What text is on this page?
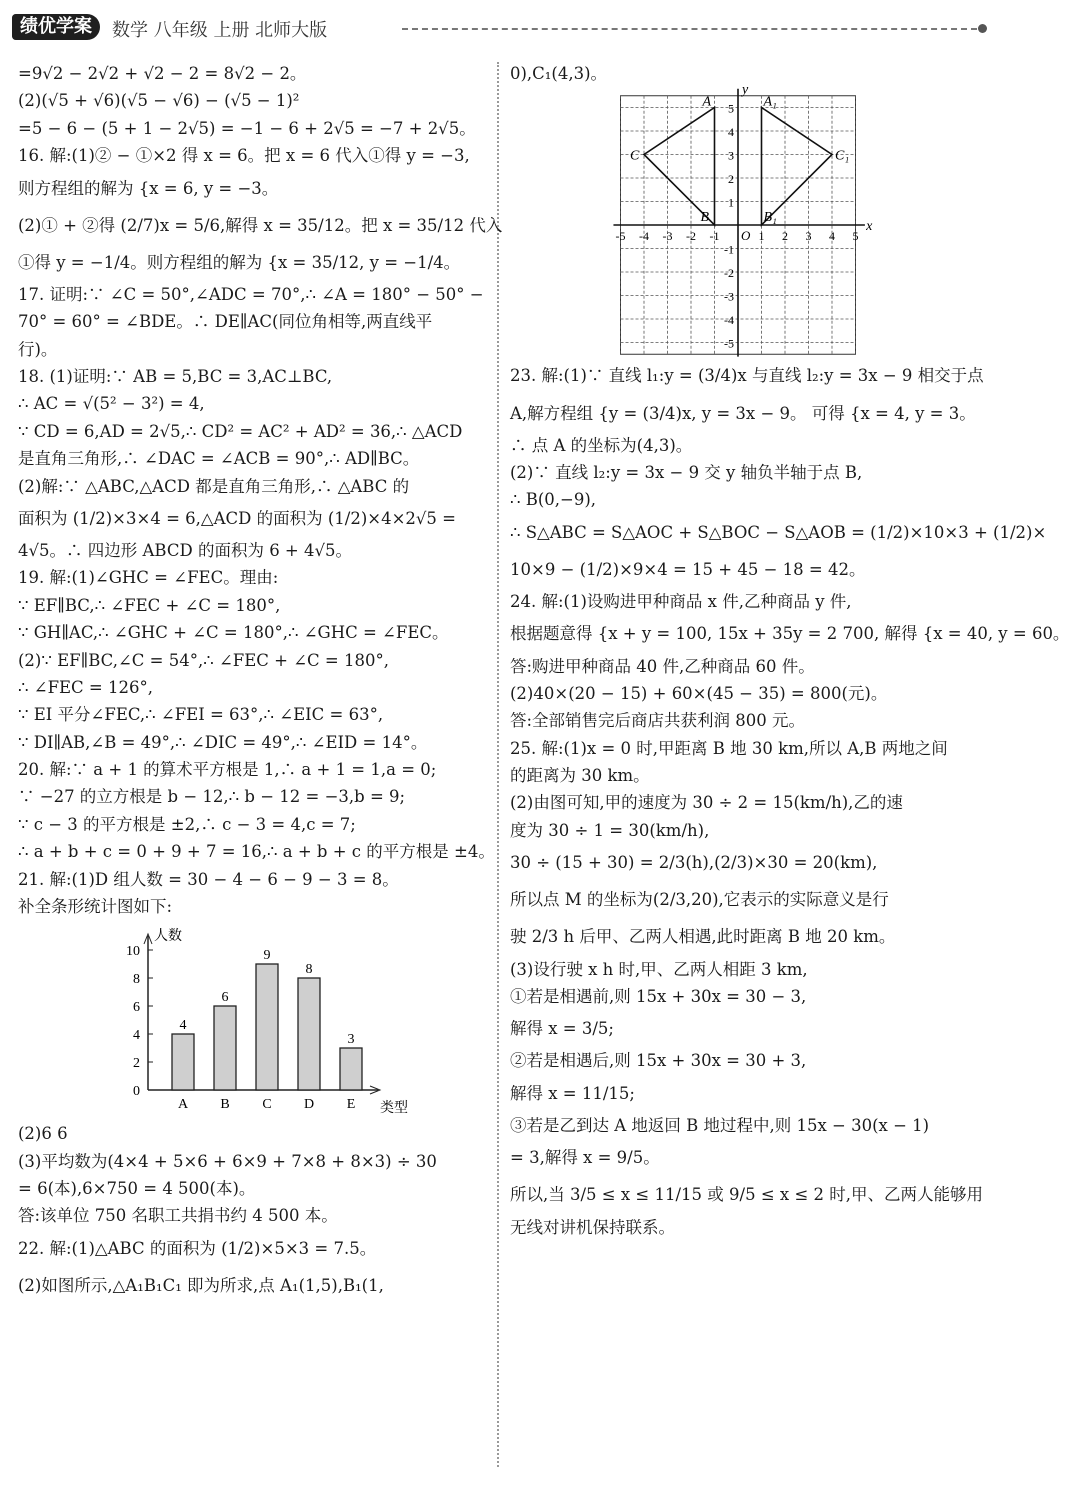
绩优学案	数学 八年级 上册 北师大版
=9√2 − 2√2 + √2 − 2 = 8√2 − 2。
(2)(√5 + √6)(√5 − √6) − (√5 − 1)²
=5 − 6 − (5 + 1 − 2√5) = −1 − 6 + 2√5 = −7 + 2√5。
16. 解:(1)② − ①×2 得 x = 6。把 x = 6 代入①得 y = −3,
则方程组的解为 {x = 6, y = −3。
(2)① + ②得 (2/7)x = 5/6,解得 x = 35/12。把 x = 35/12 代入
①得 y = −1/4。则方程组的解为 {x = 35/12, y = −1/4。
17. 证明:∵ ∠C = 50°,∠ADC = 70°,∴ ∠A = 180° − 50° −
70° = 60° = ∠BDE。∴ DE∥AC(同位角相等,两直线平
行)。
18. (1)证明:∵ AB = 5,BC = 3,AC⊥BC,
∴ AC = √(5² − 3²) = 4,
∵ CD = 6,AD = 2√5,∴ CD² = AC² + AD² = 36,∴ △ACD
是直角三角形,∴ ∠DAC = ∠ACB = 90°,∴ AD∥BC。
(2)解:∵ △ABC,△ACD 都是直角三角形,∴ △ABC 的
面积为 (1/2)×3×4 = 6,△ACD 的面积为 (1/2)×4×2√5 =
4√5。∴ 四边形 ABCD 的面积为 6 + 4√5。
19. 解:(1)∠GHC = ∠FEC。理由:
∵ EF∥BC,∴ ∠FEC + ∠C = 180°,
∵ GH∥AC,∴ ∠GHC + ∠C = 180°,∴ ∠GHC = ∠FEC。
(2)∵ EF∥BC,∠C = 54°,∴ ∠FEC + ∠C = 180°,
∴ ∠FEC = 126°,
∵ EI 平分∠FEC,∴ ∠FEI = 63°,∴ ∠EIC = 63°,
∵ DI∥AB,∠B = 49°,∴ ∠DIC = 49°,∴ ∠EID = 14°。
20. 解:∵ a + 1 的算术平方根是 1,∴ a + 1 = 1,a = 0;
∵ −27 的立方根是 b − 12,∴ b − 12 = −3,b = 9;
∵ c − 3 的平方根是 ±2,∴ c − 3 = 4,c = 7;
∴ a + b + c = 0 + 9 + 7 = 16,∴ a + b + c 的平方根是 ±4。
21. 解:(1)D 组人数 = 30 − 4 − 6 − 9 − 3 = 8。
补全条形统计图如下:
0
2
4
6
8
10
人数
类型
4
A
6
B
9
C
8
D
3
E
(2)6 6
(3)平均数为(4×4 + 5×6 + 6×9 + 7×8 + 8×3) ÷ 30
= 6(本),6×750 = 4 500(本)。
答:该单位 750 名职工共捐书约 4 500 本。
22. 解:(1)△ABC 的面积为 (1/2)×5×3 = 7.5。
(2)如图所示,△A₁B₁C₁ 即为所求,点 A₁(1,5),B₁(1,
0),C₁(4,3)。
x
y
O
-5 -4 -3 -2 -1	1 2 3 4 5
5
4
3
2
1
-1
-2
-3
-4
-5
A
B
C
A₁
B₁
C₁
23. 解:(1)∵ 直线 l₁:y = (3/4)x 与直线 l₂:y = 3x − 9 相交于点
A,解方程组 {y = (3/4)x, y = 3x − 9。 可得 {x = 4, y = 3。
∴ 点 A 的坐标为(4,3)。
(2)∵ 直线 l₂:y = 3x − 9 交 y 轴负半轴于点 B,
∴ B(0,−9),
∴ S△ABC = S△AOC + S△BOC − S△AOB = (1/2)×10×3 + (1/2)×
10×9 − (1/2)×9×4 = 15 + 45 − 18 = 42。
24. 解:(1)设购进甲种商品 x 件,乙种商品 y 件,
根据题意得 {x + y = 100, 15x + 35y = 2 700, 解得 {x = 40, y = 60。
答:购进甲种商品 40 件,乙种商品 60 件。
(2)40×(20 − 15) + 60×(45 − 35) = 800(元)。
答:全部销售完后商店共获利润 800 元。
25. 解:(1)x = 0 时,甲距离 B 地 30 km,所以 A,B 两地之间
的距离为 30 km。
(2)由图可知,甲的速度为 30 ÷ 2 = 15(km/h),乙的速
度为 30 ÷ 1 = 30(km/h),
30 ÷ (15 + 30) = 2/3(h),(2/3)×30 = 20(km),
所以点 M 的坐标为(2/3,20),它表示的实际意义是行
驶 2/3 h 后甲、乙两人相遇,此时距离 B 地 20 km。
(3)设行驶 x h 时,甲、乙两人相距 3 km,
①若是相遇前,则 15x + 30x = 30 − 3,
解得 x = 3/5;
②若是相遇后,则 15x + 30x = 30 + 3,
解得 x = 11/15;
③若是乙到达 A 地返回 B 地过程中,则 15x − 30(x − 1)
= 3,解得 x = 9/5。
所以,当 3/5 ≤ x ≤ 11/15 或 9/5 ≤ x ≤ 2 时,甲、乙两人能够用
无线对讲机保持联系。
